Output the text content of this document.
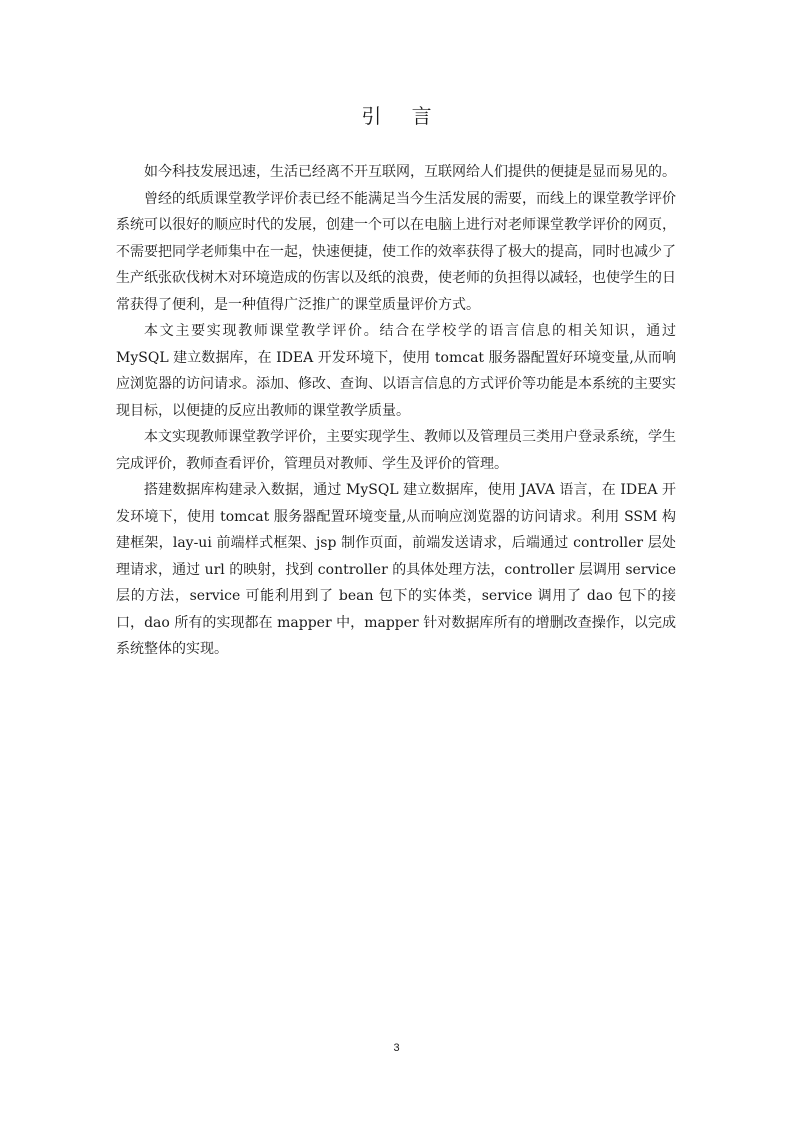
引 言

如今科技发展迅速，生活已经离不开互联网，互联网给人们提供的便捷是显而易见的。

曾经的纸质课堂教学评价表已经不能满足当今生活发展的需要，而线上的课堂教学评价系统可以很好的顺应时代的发展，创建一个可以在电脑上进行对老师课堂教学评价的网页，不需要把同学老师集中在一起，快速便捷，使工作的效率获得了极大的提高，同时也减少了生产纸张砍伐树木对环境造成的伤害以及纸的浪费，使老师的负担得以减轻，也使学生的日常获得了便利，是一种值得广泛推广的课堂质量评价方式。

本文主要实现教师课堂教学评价。结合在学校学的语言信息的相关知识，通过 MySQL 建立数据库，在 IDEA 开发环境下，使用 tomcat 服务器配置好环境变量,从而响应浏览器的访问请求。添加、修改、查询、以语言信息的方式评价等功能是本系统的主要实现目标，以便捷的反应出教师的课堂教学质量。

本文实现教师课堂教学评价，主要实现学生、教师以及管理员三类用户登录系统，学生完成评价，教师查看评价，管理员对教师、学生及评价的管理。

搭建数据库构建录入数据，通过 MySQL 建立数据库，使用 JAVA 语言，在 IDEA 开发环境下，使用 tomcat 服务器配置环境变量,从而响应浏览器的访问请求。利用 SSM 构建框架，lay-ui 前端样式框架、jsp 制作页面，前端发送请求，后端通过 controller 层处理请求，通过 url 的映射，找到 controller 的具体处理方法，controller 层调用 service 层的方法，service 可能利用到了 bean 包下的实体类，service 调用了 dao 包下的接口，dao 所有的实现都在 mapper 中，mapper 针对数据库所有的增删改查操作，以完成系统整体的实现。

3
